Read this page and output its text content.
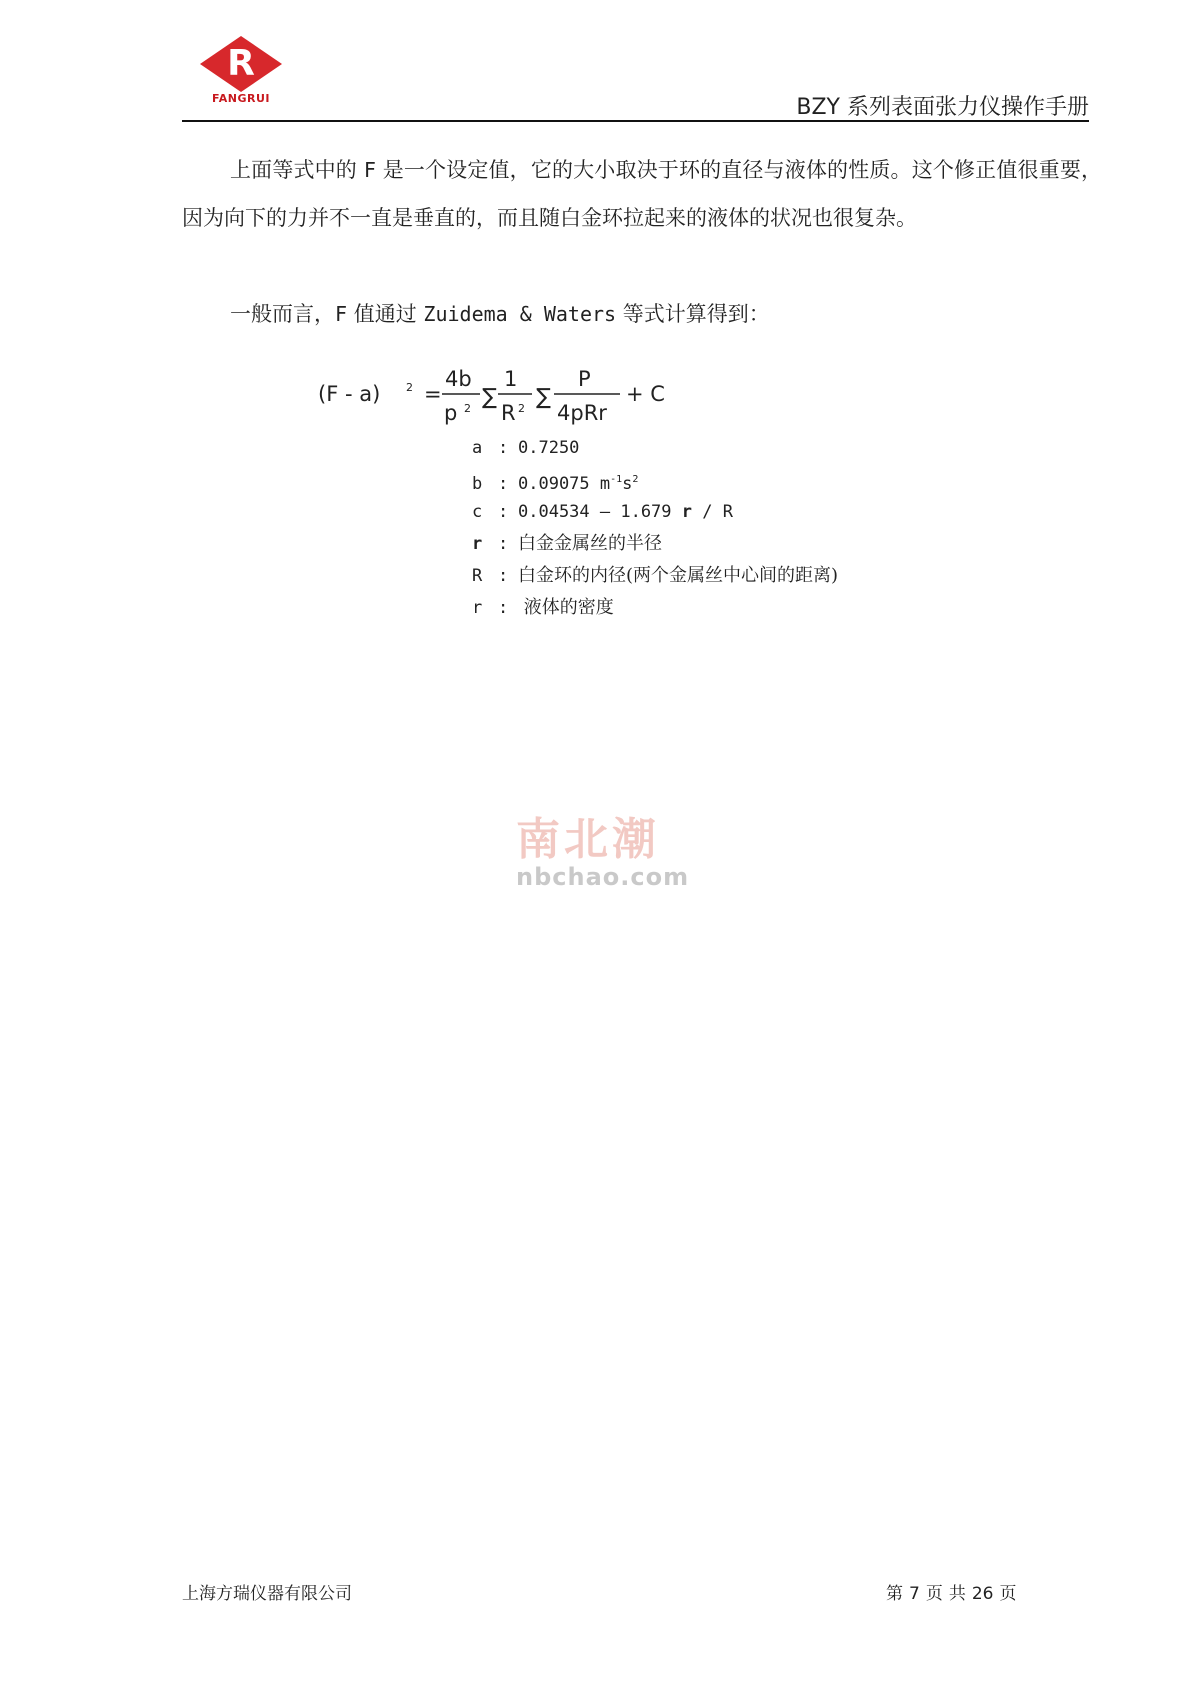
R
FANGRUI	BZY 系列表面张力仪操作手册
上面等式中的 F 是一个设定值，它的大小取决于环的直径与液体的性质。这个修正值很重要，因为向下的力并不一直是垂直的，而且随白金环拉起来的液体的状况也很复杂。
一般而言，F 值通过 Zuidema & Waters 等式计算得到：
(F - a) 2 =
4b
p 2 ∑
1
R 2 ∑
P
4pRr
+ C
a : 0.7250
b : 0.09075 $m^{-1}s^2$
c : 0.04534 – 1.679 r / R
r : 白金金属丝的半径
R : 白金环的内径(两个金属丝中心间的距离)
r : 液体的密度
南北潮
nbchao.com
上海方瑞仪器有限公司	第 7 页 共 26 页
